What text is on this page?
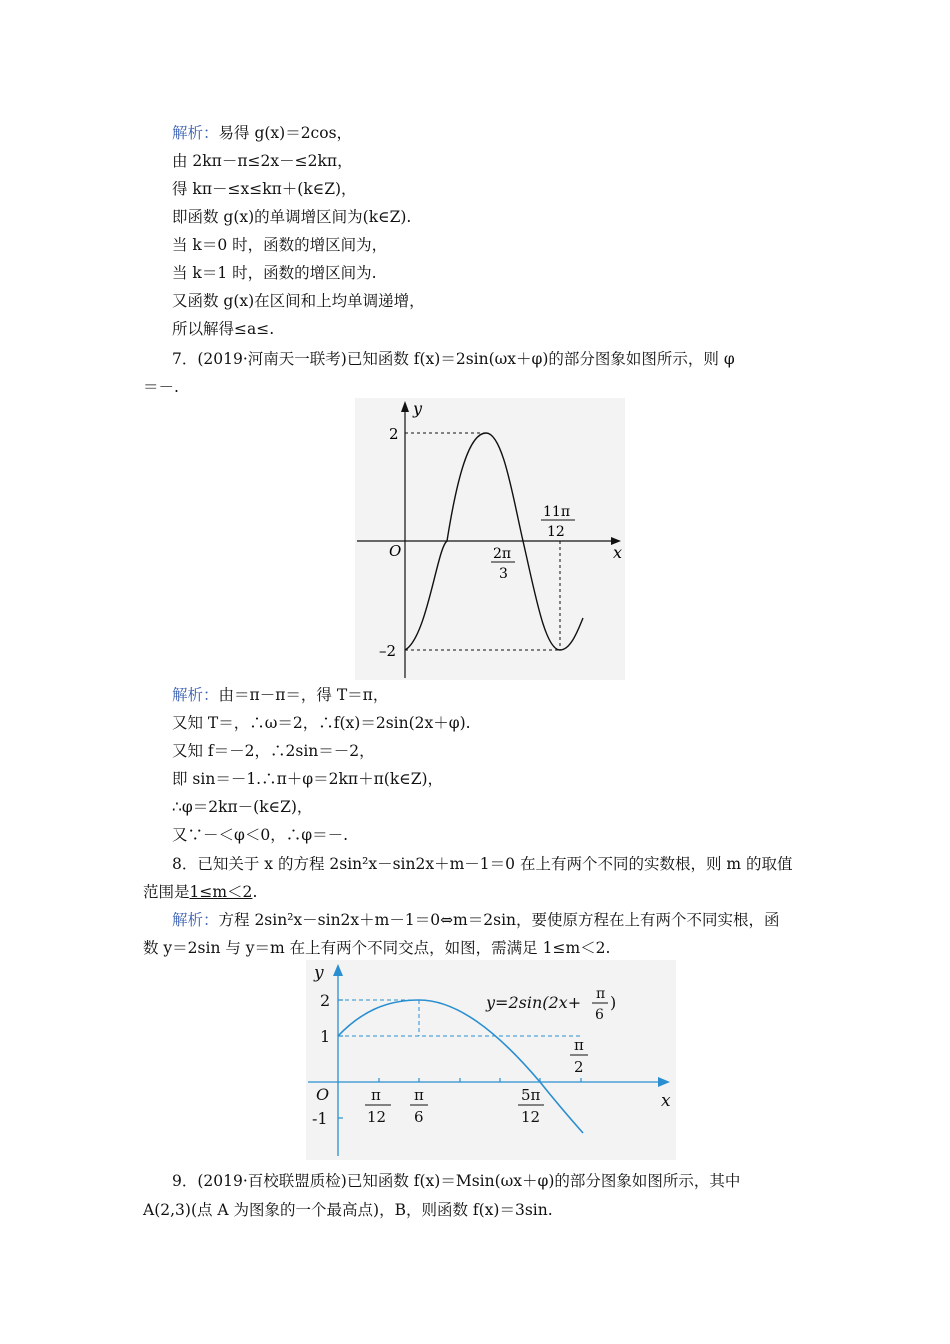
解析：易得 g(x)＝2cos，
由 2kπ－π≤2x－≤2kπ，
得 kπ－≤x≤kπ＋(k∈Z)，
即函数 g(x)的单调增区间为(k∈Z).
当 k＝0 时，函数的增区间为，
当 k＝1 时，函数的增区间为.
又函数 g(x)在区间和上均单调递增，
所以解得≤a≤.
7．(2019·河南天一联考)已知函数 f(x)＝2sin(ωx＋φ)的部分图象如图所示，则 φ
＝－.
y
x
O
2
–2
2π
3
11π
12
解析：由＝π－π＝，得 T＝π，
又知 T＝，∴ω＝2，∴f(x)＝2sin(2x＋φ).
又知 f＝－2，∴2sin＝－2，
即 sin＝－1.∴π＋φ＝2kπ＋π(k∈Z)，
∴φ＝2kπ－(k∈Z)，
又∵－＜φ＜0，∴φ＝－.
8．已知关于 x 的方程 2sin²x－sin2x＋m－1＝0 在上有两个不同的实数根，则 m 的取值
范围是1≤m＜2.
解析：方程 2sin²x－sin2x＋m－1＝0⇔m＝2sin，要使原方程在上有两个不同实根，函
数 y＝2sin 与 y＝m 在上有两个不同交点，如图，需满足 1≤m＜2.
y
x
O
2
1
-1
π
12
π
6
5π
12
π
2
y=2sin(2x+ π
6
)
9．(2019·百校联盟质检)已知函数 f(x)＝Msin(ωx＋φ)的部分图象如图所示，其中
A(2,3)(点 A 为图象的一个最高点)，B，则函数 f(x)＝3sin.
